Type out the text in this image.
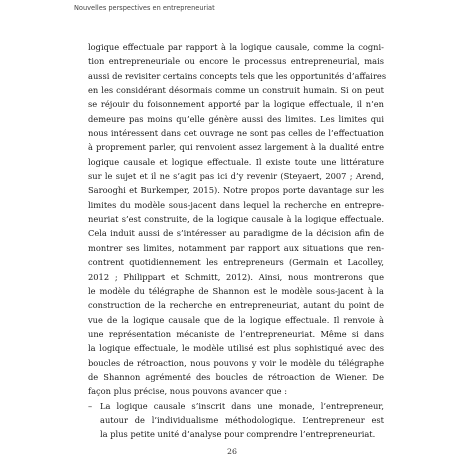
Nouvelles perspectives en entrepreneuriat
logique effectuale par rapport à la logique causale, comme la cogni-
tion entrepreneuriale ou encore le processus entrepreneurial, mais
aussi de revisiter certains concepts tels que les opportunités d’affaires
en les considérant désormais comme un construit humain. Si on peut
se réjouir du foisonnement apporté par la logique effectuale, il n’en
demeure pas moins qu’elle génère aussi des limites. Les limites qui
nous intéressent dans cet ouvrage ne sont pas celles de l’effectuation
à proprement parler, qui renvoient assez largement à la dualité entre
logique causale et logique effectuale. Il existe toute une littérature
sur le sujet et il ne s’agit pas ici d’y revenir (Steyaert, 2007 ; Arend,
Sarooghi et Burkemper, 2015). Notre propos porte davantage sur les
limites du modèle sous-jacent dans lequel la recherche en entrepre-
neuriat s’est construite, de la logique causale à la logique effectuale.
Cela induit aussi de s’intéresser au paradigme de la décision afin de
montrer ses limites, notamment par rapport aux situations que ren-
contrent quotidiennement les entrepreneurs (Germain et Lacolley,
2012 ; Philippart et Schmitt, 2012). Ainsi, nous montrerons que
le modèle du télégraphe de Shannon est le modèle sous-jacent à la
construction de la recherche en entrepreneuriat, autant du point de
vue de la logique causale que de la logique effectuale. Il renvoie à
une représentation mécaniste de l’entrepreneuriat. Même si dans
la logique effectuale, le modèle utilisé est plus sophistiqué avec des
boucles de rétroaction, nous pouvons y voir le modèle du télégraphe
de Shannon agrémenté des boucles de rétroaction de Wiener. De
façon plus précise, nous pouvons avancer que :
– La logique causale s’inscrit dans une monade, l’entrepreneur,
autour de l’individualisme méthodologique. L’entrepreneur est
la plus petite unité d’analyse pour comprendre l’entrepreneuriat.
26
